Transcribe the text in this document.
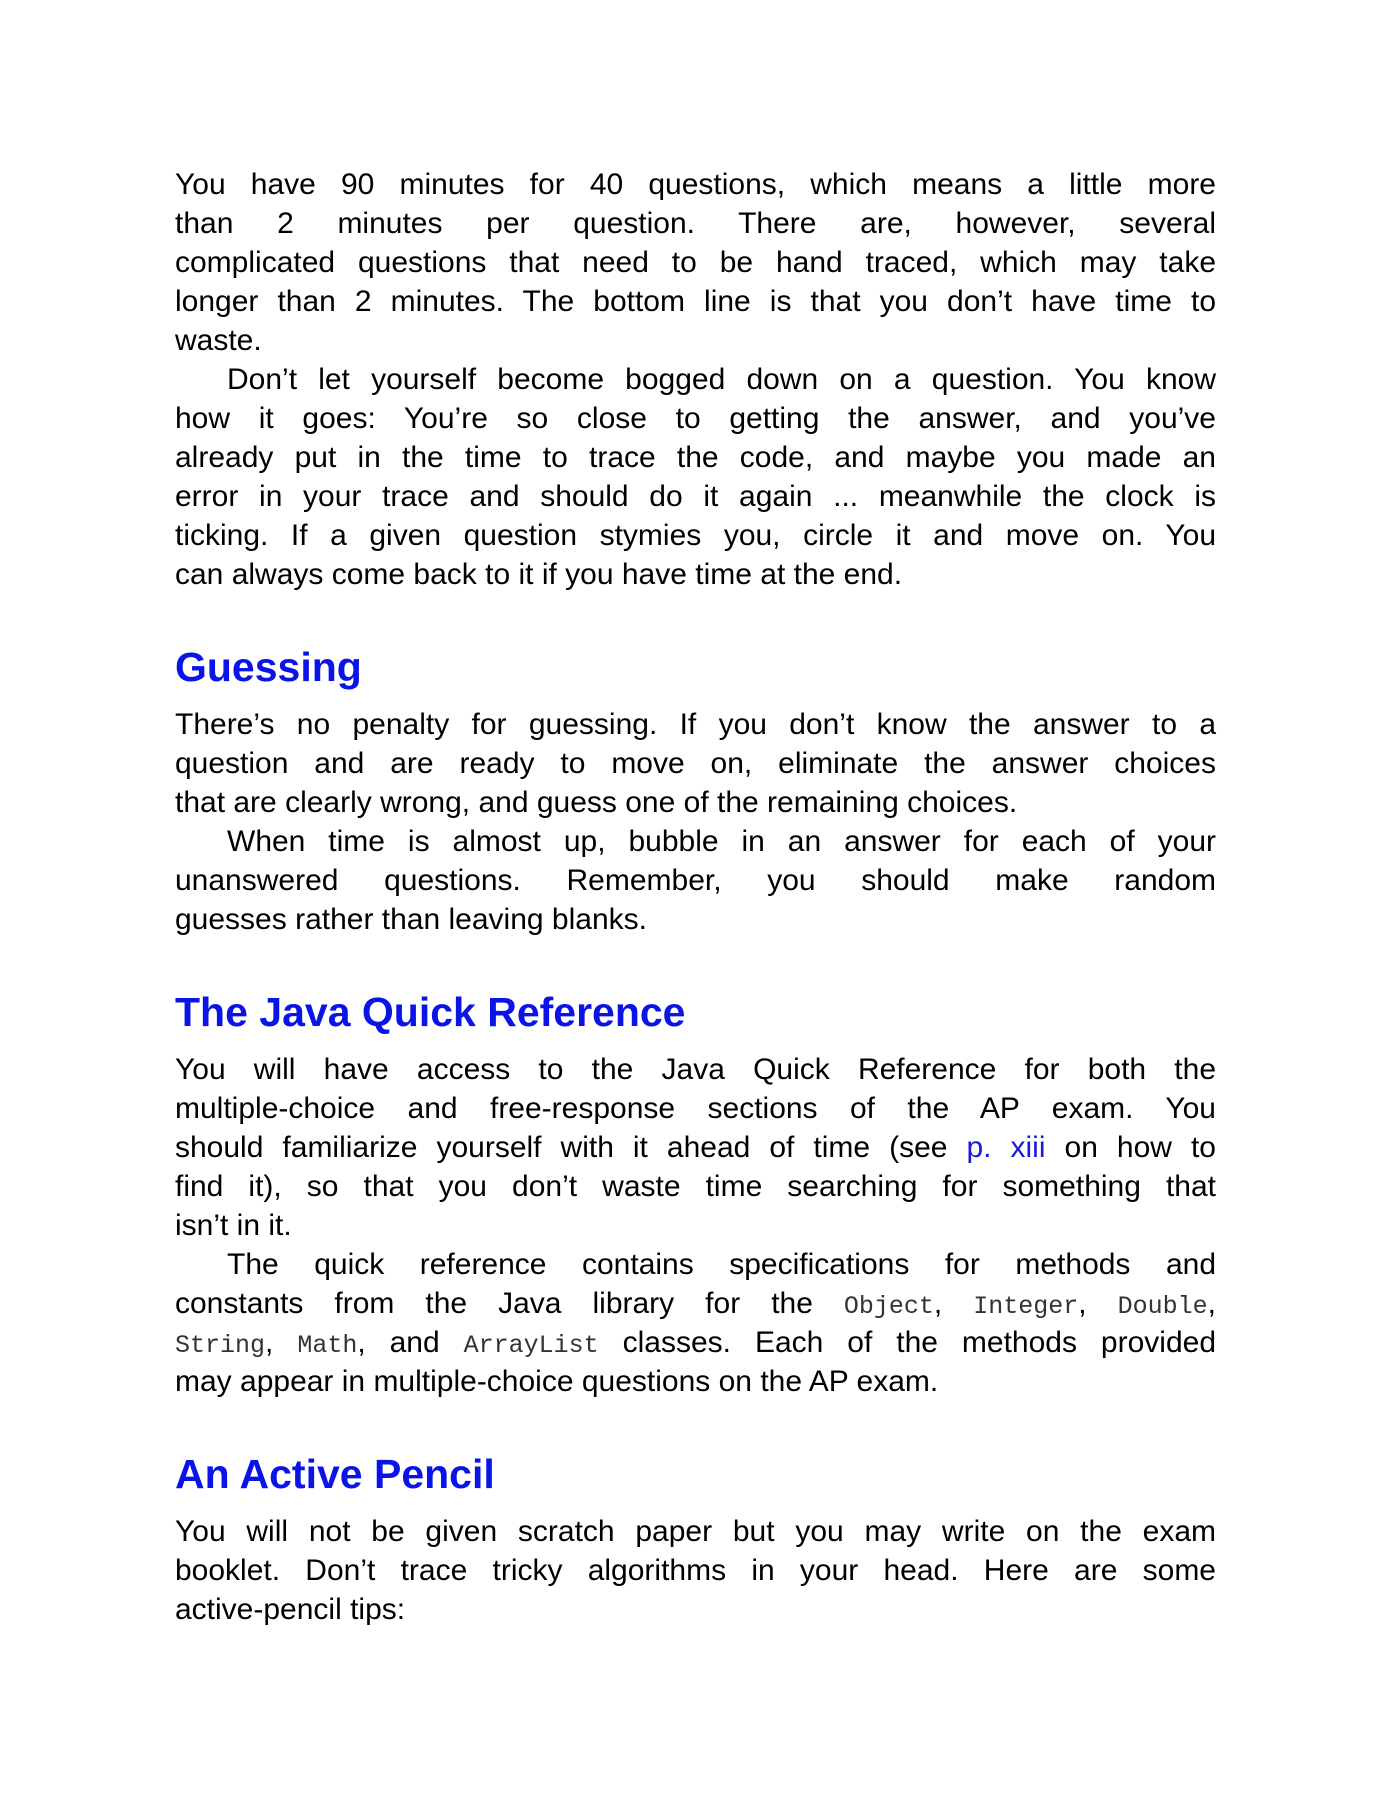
You have 90 minutes for 40 questions, which means a little more
than 2 minutes per question. There are, however, several
complicated questions that need to be hand traced, which may take
longer than 2 minutes. The bottom line is that you don’t have time to
waste.
Don’t let yourself become bogged down on a question. You know
how it goes: You’re so close to getting the answer, and you’ve
already put in the time to trace the code, and maybe you made an
error in your trace and should do it again ... meanwhile the clock is
ticking. If a given question stymies you, circle it and move on. You
can always come back to it if you have time at the end.
Guessing
There’s no penalty for guessing. If you don’t know the answer to a
question and are ready to move on, eliminate the answer choices
that are clearly wrong, and guess one of the remaining choices.
When time is almost up, bubble in an answer for each of your
unanswered questions. Remember, you should make random
guesses rather than leaving blanks.
The Java Quick Reference
You will have access to the Java Quick Reference for both the
multiple-choice and free-response sections of the AP exam. You
should familiarize yourself with it ahead of time (see p. xiii on how to
find it), so that you don’t waste time searching for something that
isn’t in it.
The quick reference contains specifications for methods and
constants from the Java library for the Object, Integer, Double,
String, Math, and ArrayList classes. Each of the methods provided
may appear in multiple-choice questions on the AP exam.
An Active Pencil
You will not be given scratch paper but you may write on the exam
booklet. Don’t trace tricky algorithms in your head. Here are some
active-pencil tips:
